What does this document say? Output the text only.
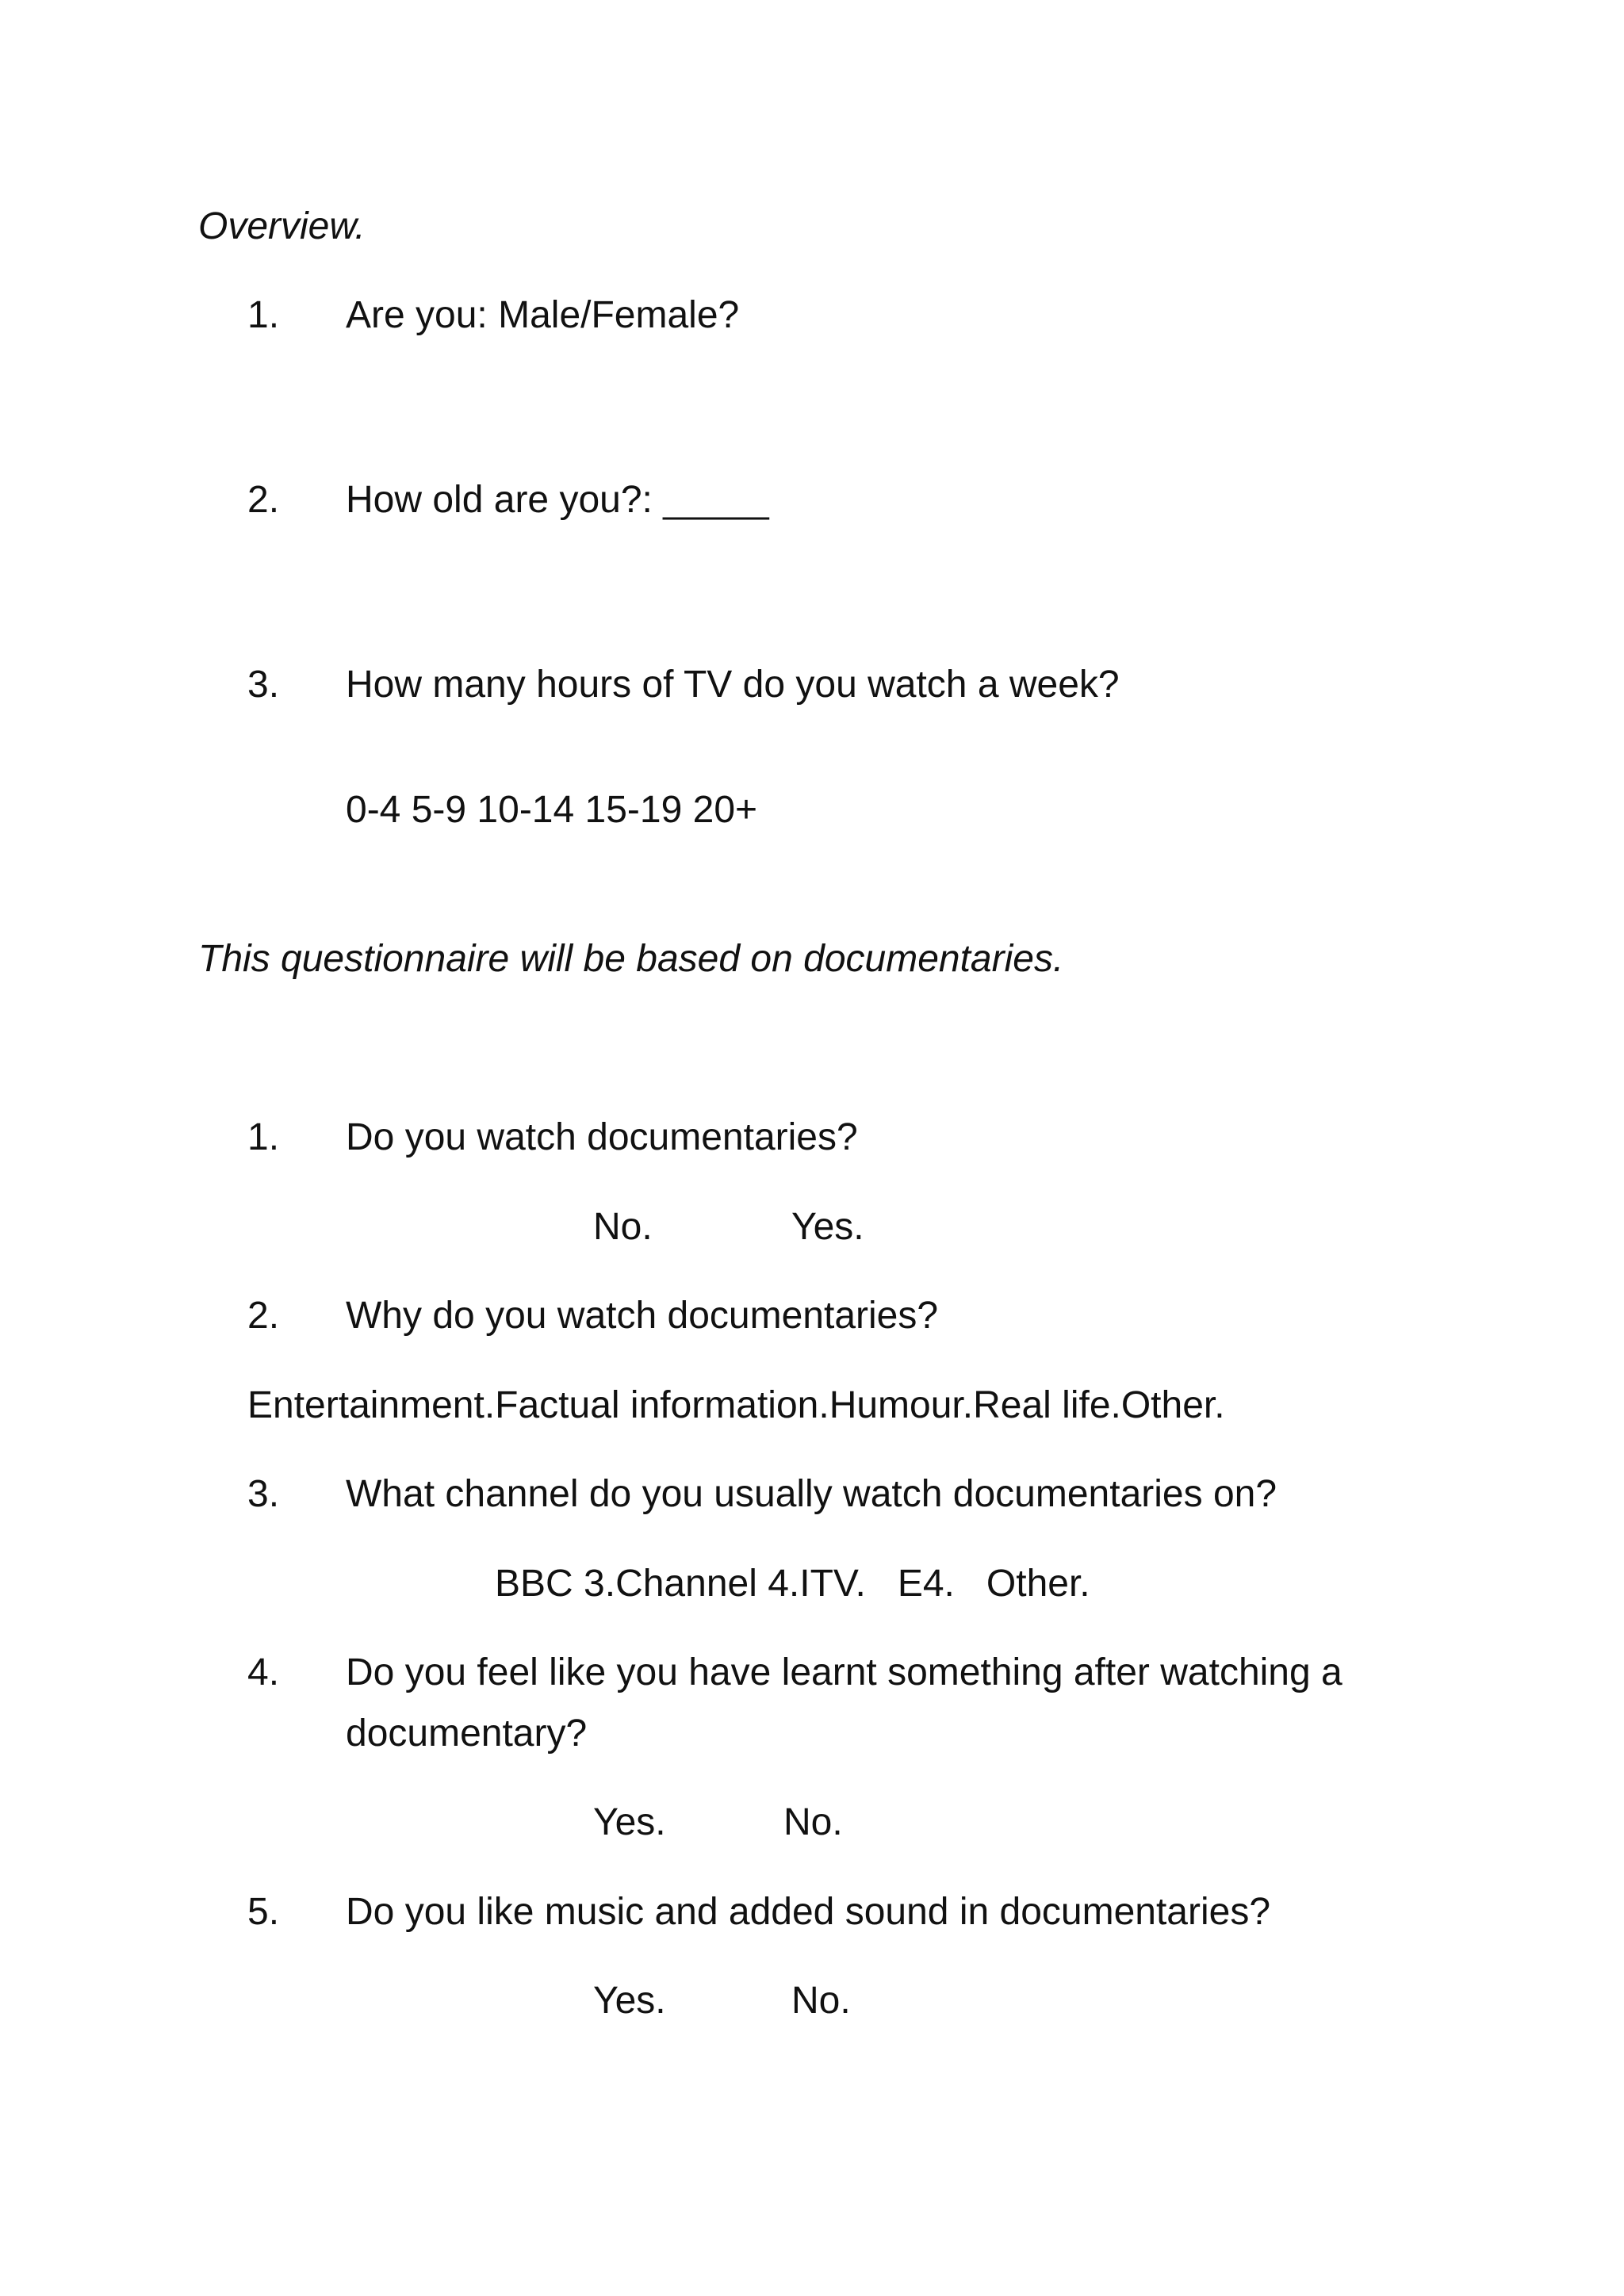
Overview.
1. Are you: Male/Female?
2. How old are you?: _____
3. How many hours of TV do you watch a week?
0-4 5-9 10-14 15-19 20+
This questionnaire will be based on documentaries.
1. Do you watch documentaries?
No.	Yes.
2. Why do you watch documentaries?
Entertainment.Factual information.Humour.Real life.Other.
3. What channel do you usually watch documentaries on?
BBC 3.Channel 4.ITV.   E4.   Other.
4. Do you feel like you have learnt something after watching a
documentary?
Yes.	No.
5. Do you like music and added sound in documentaries?
Yes.	No.
